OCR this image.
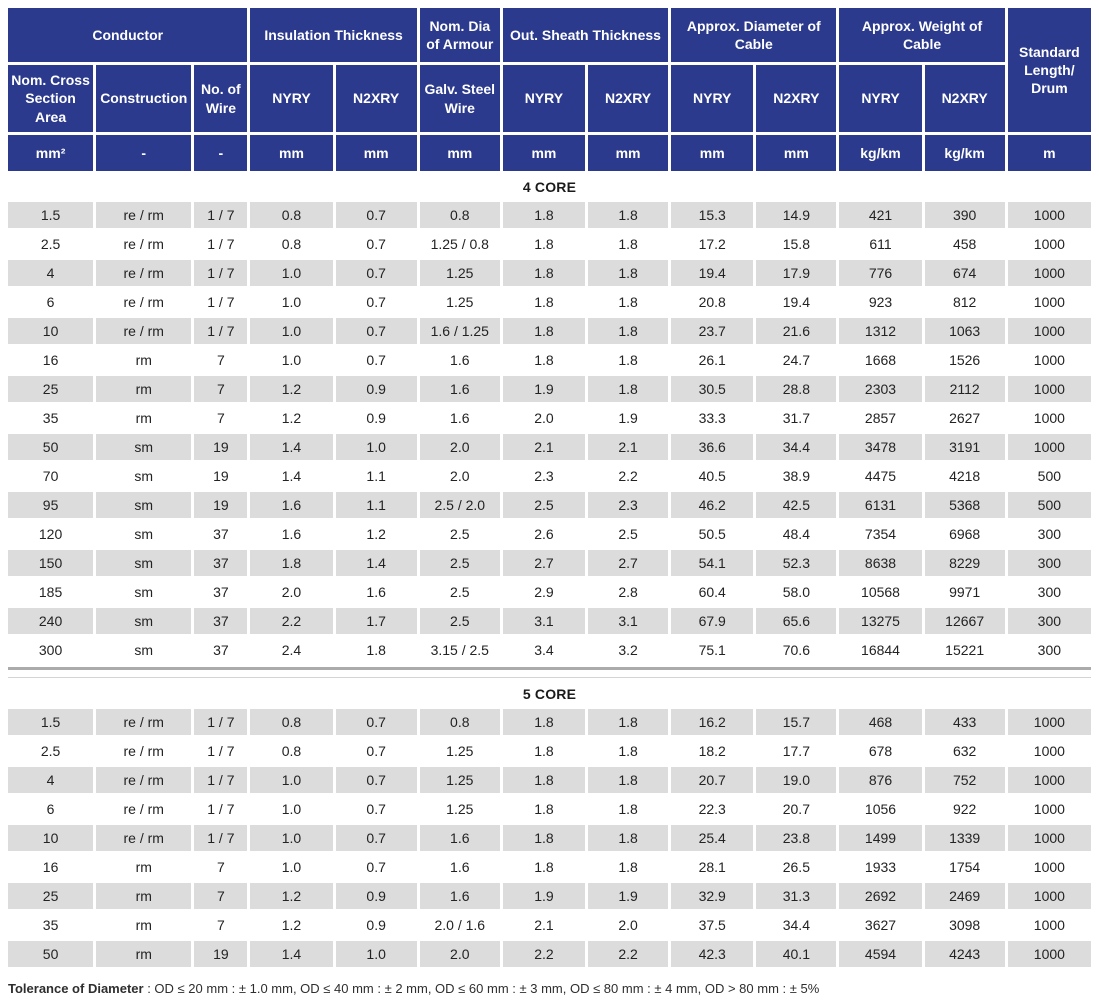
Conductor			Insulation Thickness		Nom. Dia of Armour	Out. Sheath Thickness		Approx. Diameter of Cable		Approx. Weight of Cable		Standard Length/ Drum
Nom. Cross Section Area	Construction	No. of Wire	NYRY	N2XRY	Galv. Steel Wire	NYRY	N2XRY	NYRY	N2XRY	NYRY	N2XRY	
mm²	-	-	mm	mm	mm	mm	mm	mm	mm	kg/km	kg/km	m
4 CORE												
1.5	re / rm	1 / 7	0.8	0.7	0.8	1.8	1.8	15.3	14.9	421	390	1000
2.5	re / rm	1 / 7	0.8	0.7	1.25 / 0.8	1.8	1.8	17.2	15.8	611	458	1000
4	re / rm	1 / 7	1.0	0.7	1.25	1.8	1.8	19.4	17.9	776	674	1000
6	re / rm	1 / 7	1.0	0.7	1.25	1.8	1.8	20.8	19.4	923	812	1000
10	re / rm	1 / 7	1.0	0.7	1.6 / 1.25	1.8	1.8	23.7	21.6	1312	1063	1000
16	rm	7	1.0	0.7	1.6	1.8	1.8	26.1	24.7	1668	1526	1000
25	rm	7	1.2	0.9	1.6	1.9	1.8	30.5	28.8	2303	2112	1000
35	rm	7	1.2	0.9	1.6	2.0	1.9	33.3	31.7	2857	2627	1000
50	sm	19	1.4	1.0	2.0	2.1	2.1	36.6	34.4	3478	3191	1000
70	sm	19	1.4	1.1	2.0	2.3	2.2	40.5	38.9	4475	4218	500
95	sm	19	1.6	1.1	2.5 / 2.0	2.5	2.3	46.2	42.5	6131	5368	500
120	sm	37	1.6	1.2	2.5	2.6	2.5	50.5	48.4	7354	6968	300
150	sm	37	1.8	1.4	2.5	2.7	2.7	54.1	52.3	8638	8229	300
185	sm	37	2.0	1.6	2.5	2.9	2.8	60.4	58.0	10568	9971	300
240	sm	37	2.2	1.7	2.5	3.1	3.1	67.9	65.6	13275	12667	300
300	sm	37	2.4	1.8	3.15 / 2.5	3.4	3.2	75.1	70.6	16844	15221	300

5 CORE												
1.5	re / rm	1 / 7	0.8	0.7	0.8	1.8	1.8	16.2	15.7	468	433	1000
2.5	re / rm	1 / 7	0.8	0.7	1.25	1.8	1.8	18.2	17.7	678	632	1000
4	re / rm	1 / 7	1.0	0.7	1.25	1.8	1.8	20.7	19.0	876	752	1000
6	re / rm	1 / 7	1.0	0.7	1.25	1.8	1.8	22.3	20.7	1056	922	1000
10	re / rm	1 / 7	1.0	0.7	1.6	1.8	1.8	25.4	23.8	1499	1339	1000
16	rm	7	1.0	0.7	1.6	1.8	1.8	28.1	26.5	1933	1754	1000
25	rm	7	1.2	0.9	1.6	1.9	1.9	32.9	31.3	2692	2469	1000
35	rm	7	1.2	0.9	2.0 / 1.6	2.1	2.0	37.5	34.4	3627	3098	1000
50	rm	19	1.4	1.0	2.0	2.2	2.2	42.3	40.1	4594	4243	1000
Tolerance of Diameter : OD ≤ 20 mm : ± 1.0 mm, OD ≤ 40 mm : ± 2 mm, OD ≤ 60 mm : ± 3 mm, OD ≤ 80 mm : ± 4 mm, OD > 80 mm : ± 5%
